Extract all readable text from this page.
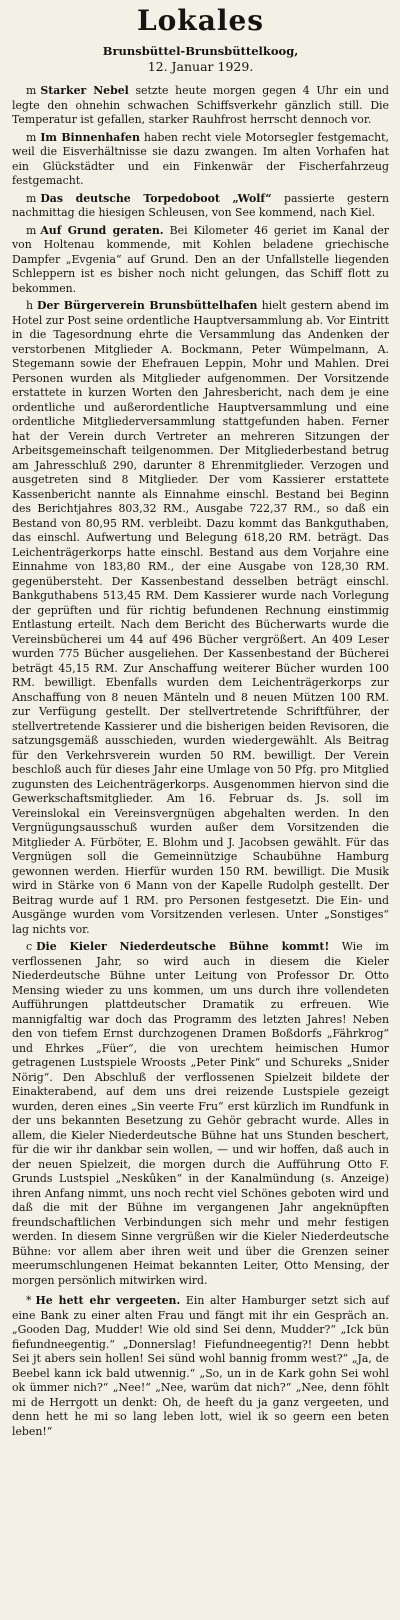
Lokales
Brunsbüttel-Brunsbüttelkoog,
12. Januar 1929.

m Starker Nebel setzte heute morgen gegen 4 Uhr ein und legte den ohnehin schwachen Schiffsverkehr gänzlich still. Die Temperatur ist gefallen, starker Rauhfrost herrscht dennoch vor.

m Im Binnenhafen haben recht viele Motorsegler festgemacht, weil die Eisverhältnisse sie dazu zwangen. Im alten Vorhafen hat ein Glückstädter und ein Finkenwär der Fischerfahrzeug festgemacht.

m Das deutsche Torpedoboot „Wolf“ passierte gestern nachmittag die hiesigen Schleusen, von See kommend, nach Kiel.

m Auf Grund geraten. Bei Kilometer 46 geriet im Kanal der von Holtenau kommende, mit Kohlen beladene griechische Dampfer „Evgenia“ auf Grund. Den an der Unfallstelle liegenden Schleppern ist es bisher noch nicht gelungen, das Schiff flott zu bekommen.

h Der Bürgerverein Brunsbüttelhafen hielt gestern abend im Hotel zur Post seine ordentliche Hauptversammlung ab. Vor Eintritt in die Tagesordnung ehrte die Versammlung das Andenken der verstorbenen Mitglieder A. Bockmann, Peter Wümpelmann, A. Stegemann sowie der Ehefrauen Leppin, Mohr und Mahlen. Drei Personen wurden als Mitglieder aufgenommen. Der Vorsitzende erstattete in kurzen Worten den Jahresbericht, nach dem je eine ordentliche und außerordentliche Hauptversammlung und eine ordentliche Mitgliederversammlung stattgefunden haben. Ferner hat der Verein durch Vertreter an mehreren Sitzungen der Arbeitsgemeinschaft teilgenommen. Der Mitgliederbestand betrug am Jahresschluß 290, darunter 8 Ehrenmitglieder. Verzogen und ausgetreten sind 8 Mitglieder. Der vom Kassierer erstattete Kassenbericht nannte als Einnahme einschl. Bestand bei Beginn des Berichtjahres 803,32 RM., Ausgabe 722,37 RM., so daß ein Bestand von 80,95 RM. verbleibt. Dazu kommt das Bankguthaben, das einschl. Aufwertung und Belegung 618,20 RM. beträgt. Das Leichenträgerkorps hatte einschl. Bestand aus dem Vorjahre eine Einnahme von 183,80 RM., der eine Ausgabe von 128,30 RM. gegenübersteht. Der Kassenbestand desselben beträgt einschl. Bankguthabens 513,45 RM. Dem Kassierer wurde nach Vorlegung der geprüften und für richtig befundenen Rechnung einstimmig Entlastung erteilt. Nach dem Bericht des Bücherwarts wurde die Vereinsbücherei um 44 auf 496 Bücher vergrößert. An 409 Leser wurden 775 Bücher ausgeliehen. Der Kassenbestand der Bücherei beträgt 45,15 RM. Zur Anschaffung weiterer Bücher wurden 100 RM. bewilligt. Ebenfalls wurden dem Leichenträgerkorps zur Anschaffung von 8 neuen Mänteln und 8 neuen Mützen 100 RM. zur Verfügung gestellt. Der stellvertretende Schriftführer, der stellvertretende Kassierer und die bisherigen beiden Revisoren, die satzungsgemäß ausschieden, wurden wiedergewählt. Als Beitrag für den Verkehrsverein wurden 50 RM. bewilligt. Der Verein beschloß auch für dieses Jahr eine Umlage von 50 Pfg. pro Mitglied zugunsten des Leichenträgerkorps. Ausgenommen hiervon sind die Gewerkschaftsmitglieder. Am 16. Februar ds. Js. soll im Vereinslokal ein Vereinsvergnügen abgehalten werden. In den Vergnügungsausschuß wurden außer dem Vorsitzenden die Mitglieder A. Fürböter, E. Blohm und J. Jacobsen gewählt. Für das Vergnügen soll die Gemeinnützige Schaubühne Hamburg gewonnen werden. Hierfür wurden 150 RM. bewilligt. Die Musik wird in Stärke von 6 Mann von der Kapelle Rudolph gestellt. Der Beitrag wurde auf 1 RM. pro Personen festgesetzt. Die Ein- und Ausgänge wurden vom Vorsitzenden verlesen. Unter „Sonstiges“ lag nichts vor.

c Die Kieler Niederdeutsche Bühne kommt! Wie im verflossenen Jahr, so wird auch in diesem die Kieler Niederdeutsche Bühne unter Leitung von Professor Dr. Otto Mensing wieder zu uns kommen, um uns durch ihre vollendeten Aufführungen plattdeutscher Dramatik zu erfreuen. Wie mannigfaltig war doch das Programm des letzten Jahres! Neben den von tiefem Ernst durchzogenen Dramen Boßdorfs „Fährkrog“ und Ehrkes „Füer“, die von urechtem heimischen Humor getragenen Lustspiele Wroosts „Peter Pink“ und Schureks „Snider Nörig“. Den Abschluß der verflossenen Spielzeit bildete der Einakterabend, auf dem uns drei reizende Lustspiele gezeigt wurden, deren eines „Sin veerte Fru“ erst kürzlich im Rundfunk in der uns bekannten Besetzung zu Gehör gebracht wurde. Alles in allem, die Kieler Niederdeutsche Bühne hat uns Stunden beschert, für die wir ihr dankbar sein wollen, — und wir hoffen, daß auch in der neuen Spielzeit, die morgen durch die Aufführung Otto F. Grunds Lustspiel „Neskûken“ in der Kanalmündung (s. Anzeige) ihren Anfang nimmt, uns noch recht viel Schönes geboten wird und daß die mit der Bühne im vergangenen Jahr angeknüpften freundschaftlichen Verbindungen sich mehr und mehr festigen werden. In diesem Sinne vergrüßen wir die Kieler Niederdeutsche Bühne: vor allem aber ihren weit und über die Grenzen seiner meerumschlungenen Heimat bekannten Leiter, Otto Mensing, der morgen persönlich mitwirken wird.

* He hett ehr vergeeten. Ein alter Hamburger setzt sich auf eine Bank zu einer alten Frau und fängt mit ihr ein Gespräch an. „Gooden Dag, Mudder! Wie old sind Sei denn, Mudder?“ „Ick bün fiefundneegentig.“ „Donnerslag! Fiefundneegentig?! Denn hebbt Sei jt abers sein hollen! Sei sünd wohl bannig fromm west?“ „Ja, de Beebel kann ick bald utwennig.“ „So, un in de Kark gohn Sei wohl ok ümmer nich?“ „Nee!“ „Nee, warüm dat nich?“ „Nee, denn föhlt mi de Herrgott un denkt: Oh, de heeft du ja ganz vergeeten, und denn hett he mi so lang leben lott, wiel ik so geern een beten leben!“
